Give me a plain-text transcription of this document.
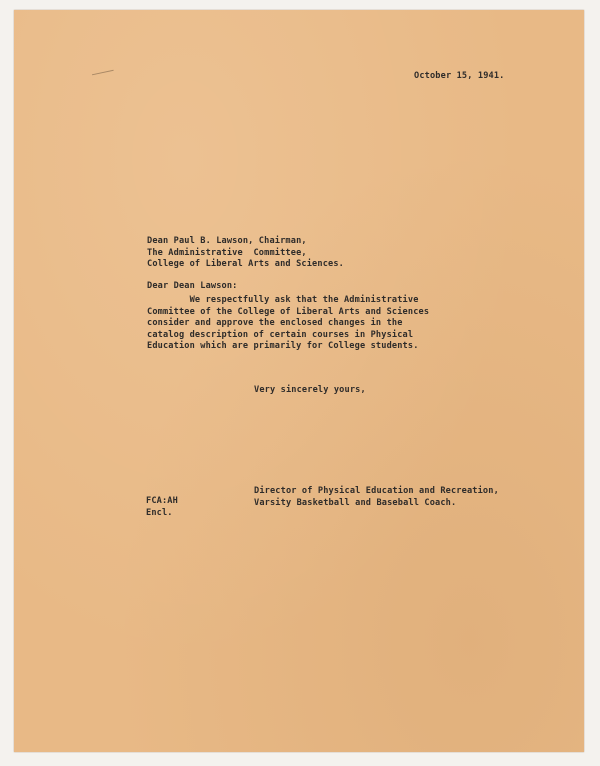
October 15, 1941.

Dean Paul B. Lawson, Chairman,

The Administrative  Committee,

College of Liberal Arts and Sciences.

Dear Dean Lawson:

We respectfully ask that the Administrative

Committee of the College of Liberal Arts and Sciences

consider and approve the enclosed changes in the

catalog description of certain courses in Physical

Education which are primarily for College students.

Very sincerely yours,

Director of Physical Education and Recreation,

Varsity Basketball and Baseball Coach.

FCA:AH

Encl.
